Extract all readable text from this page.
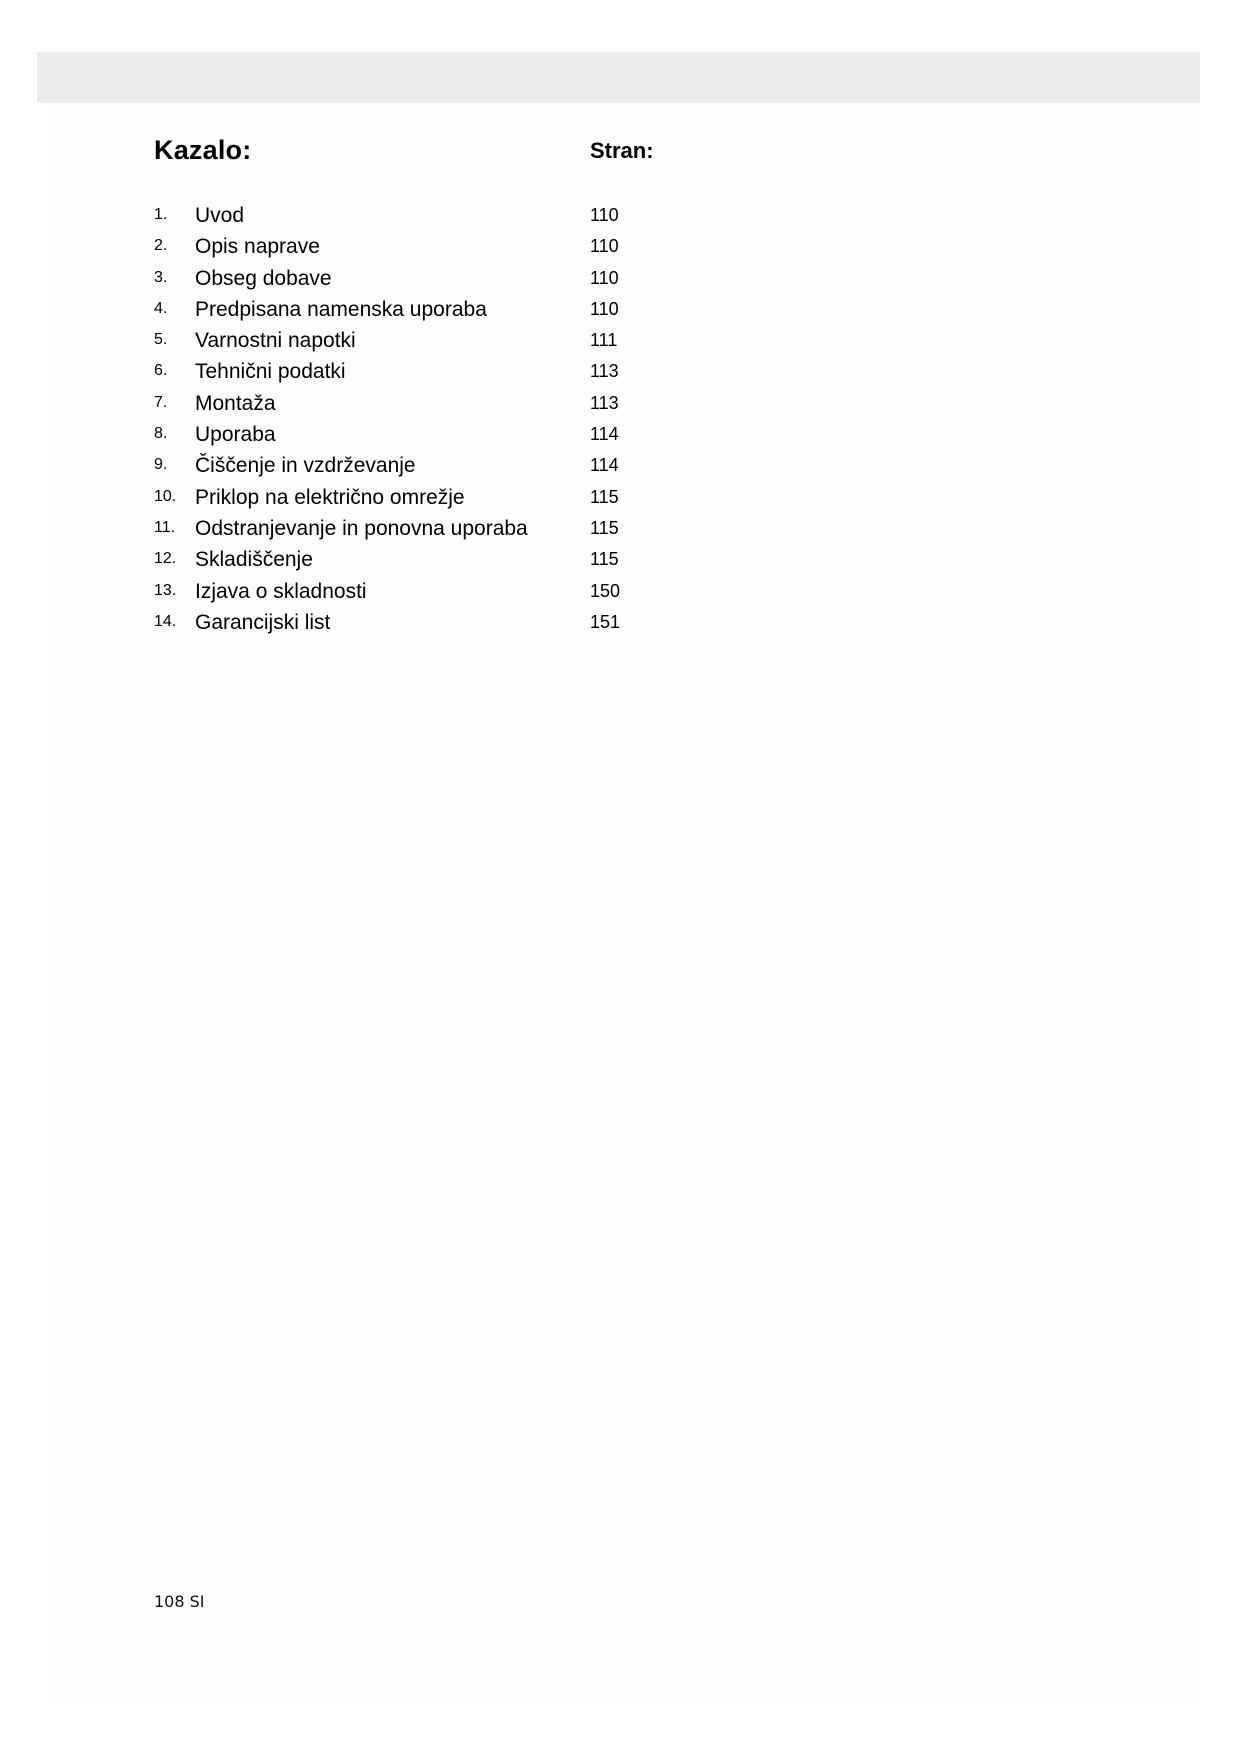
Kazalo:	Stran:
1. Uvod	110
2. Opis naprave	110
3. Obseg dobave	110
4. Predpisana namenska uporaba	110
5. Varnostni napotki	111
6. Tehnični podatki	113
7. Montaža	113
8. Uporaba	114
9. Čiščenje in vzdrževanje	114
10. Priklop na električno omrežje	115
11. Odstranjevanje in ponovna uporaba	115
12. Skladiščenje	115
13. Izjava o skladnosti	150
14. Garancijski list	151
108 SI
